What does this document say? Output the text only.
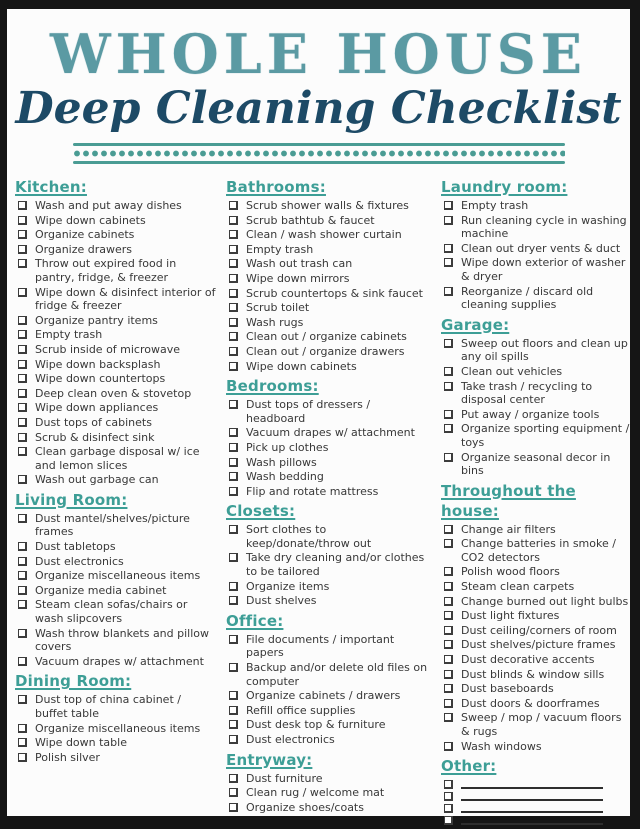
WHOLE HOUSE
Deep Cleaning Checklist
Kitchen:
Wash and put away dishes
Wipe down cabinets
Organize cabinets
Organize drawers
Throw out expired food in pantry, fridge, & freezer
Wipe down & disinfect interior of fridge & freezer
Organize pantry items
Empty trash
Scrub inside of microwave
Wipe down backsplash
Wipe down countertops
Deep clean oven & stovetop
Wipe down appliances
Dust tops of cabinets
Scrub & disinfect sink
Clean garbage disposal w/ ice and lemon slices
Wash out garbage can
Living Room:
Dust mantel/shelves/picture frames
Dust tabletops
Dust electronics
Organize miscellaneous items
Organize media cabinet
Steam clean sofas/chairs or wash slipcovers
Wash throw blankets and pillow covers
Vacuum drapes w/ attachment
Dining Room:
Dust top of china cabinet / buffet table
Organize miscellaneous items
Wipe down table
Polish silver
Bathrooms:
Scrub shower walls & fixtures
Scrub bathtub & faucet
Clean / wash shower curtain
Empty trash
Wash out trash can
Wipe down mirrors
Scrub countertops & sink faucet
Scrub toilet
Wash rugs
Clean out / organize cabinets
Clean out / organize drawers
Wipe down cabinets
Bedrooms:
Dust tops of dressers / headboard
Vacuum drapes w/ attachment
Pick up clothes
Wash pillows
Wash bedding
Flip and rotate mattress
Closets:
Sort clothes to keep/donate/throw out
Take dry cleaning and/or clothes to be tailored
Organize items
Dust shelves
Office:
File documents / important papers
Backup and/or delete old files on computer
Organize cabinets / drawers
Refill office supplies
Dust desk top & furniture
Dust electronics
Entryway:
Dust furniture
Clean rug / welcome mat
Organize shoes/coats
Laundry room:
Empty trash
Run cleaning cycle in washing machine
Clean out dryer vents & duct
Wipe down exterior of washer & dryer
Reorganize / discard old cleaning supplies
Garage:
Sweep out floors and clean up any oil spills
Clean out vehicles
Take trash / recycling to disposal center
Put away / organize tools
Organize sporting equipment / toys
Organize seasonal decor in bins
Throughout the house:
Change air filters
Change batteries in smoke / CO2 detectors
Polish wood floors
Steam clean carpets
Change burned out light bulbs
Dust light fixtures
Dust ceiling/corners of room
Dust shelves/picture frames
Dust decorative accents
Dust blinds & window sills
Dust baseboards
Dust doors & doorframes
Sweep / mop / vacuum floors & rugs
Wash windows
Other:
